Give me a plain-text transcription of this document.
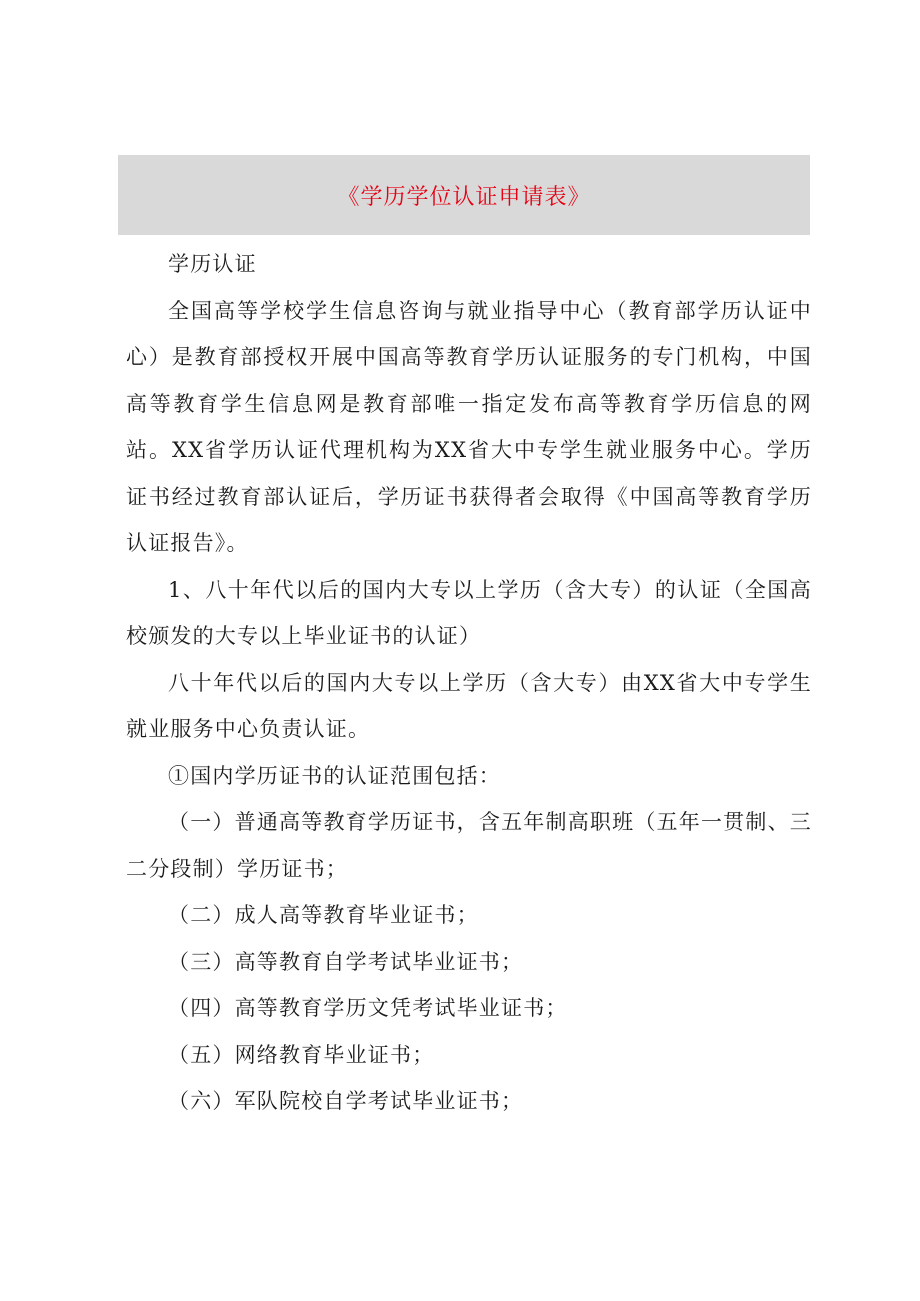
《学历学位认证申请表》

学历认证

全国高等学校学生信息咨询与就业指导中心（教育部学历认证中心）是教育部授权开展中国高等教育学历认证服务的专门机构，中国高等教育学生信息网是教育部唯一指定发布高等教育学历信息的网站。XX省学历认证代理机构为XX省大中专学生就业服务中心。学历证书经过教育部认证后，学历证书获得者会取得《中国高等教育学历认证报告》。

1、八十年代以后的国内大专以上学历（含大专）的认证（全国高校颁发的大专以上毕业证书的认证）

八十年代以后的国内大专以上学历（含大专）由XX省大中专学生就业服务中心负责认证。

①国内学历证书的认证范围包括：

（一）普通高等教育学历证书，含五年制高职班（五年一贯制、三二分段制）学历证书；

（二）成人高等教育毕业证书；

（三）高等教育自学考试毕业证书；

（四）高等教育学历文凭考试毕业证书；

（五）网络教育毕业证书；

（六）军队院校自学考试毕业证书；
